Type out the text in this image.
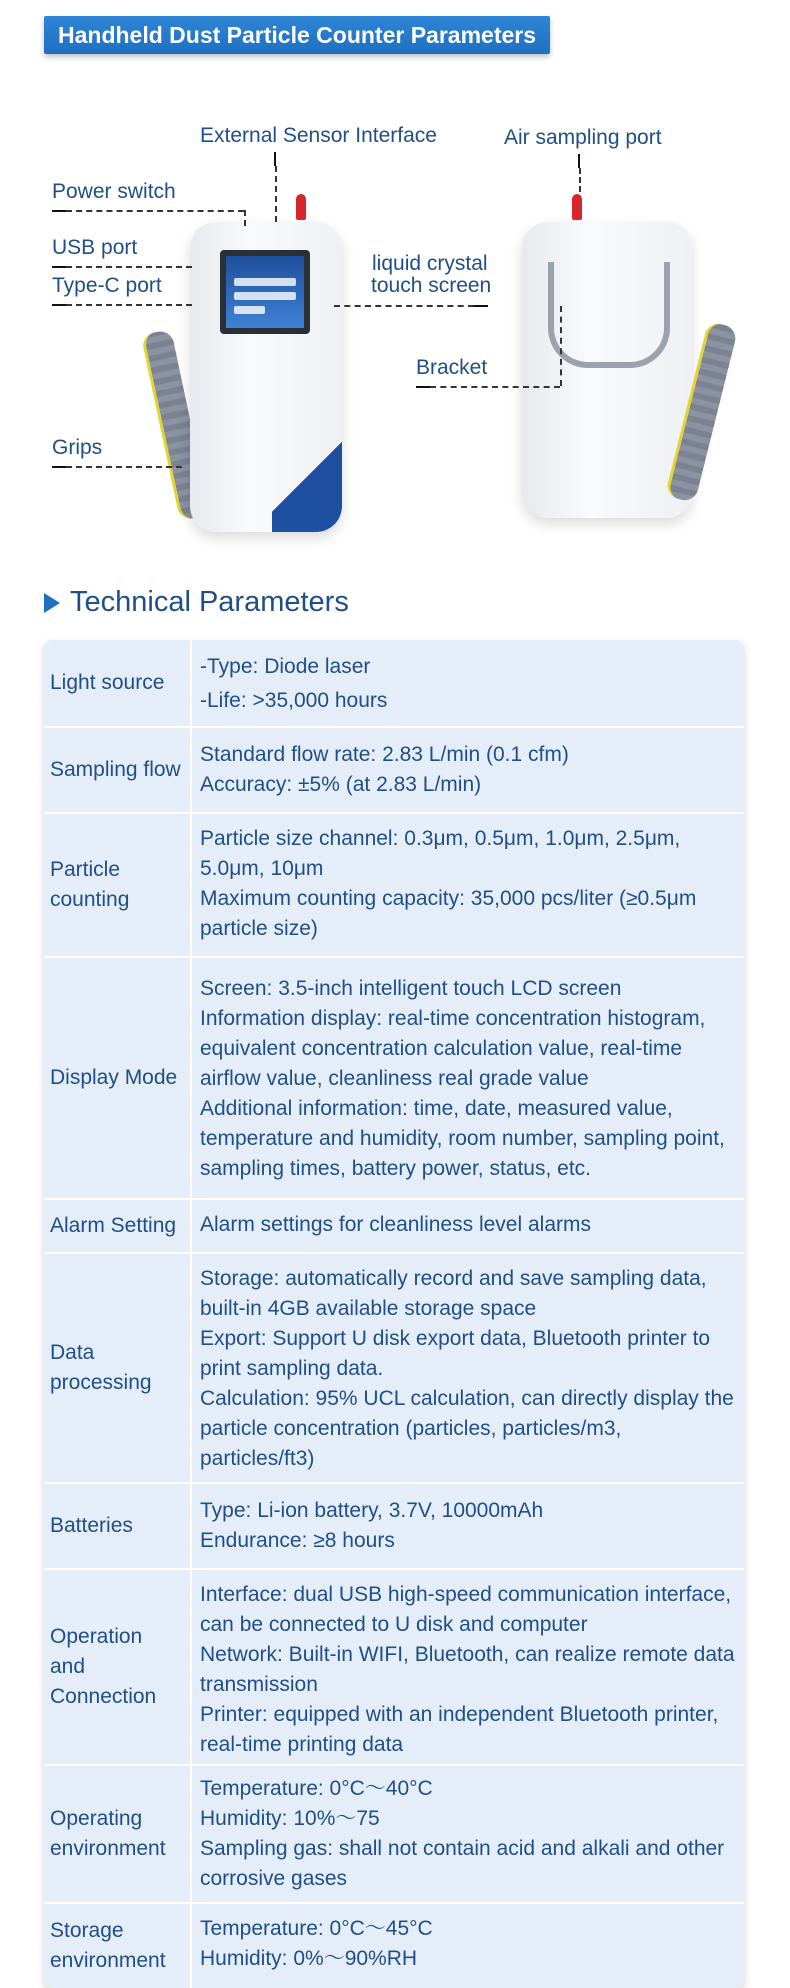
Handheld Dust Particle Counter Parameters
External Sensor Interface
Power switch
USB port
Type-C port
liquid crystal
touch screen
Grips
Air sampling port
Bracket
Technical Parameters
Light source
-Type: Diode laser
-Life: >35,000 hours
Sampling flow
Standard flow rate: 2.83 L/min (0.1 cfm)
Accuracy: ±5% (at 2.83 L/min)
Particle counting
Particle size channel: 0.3μm, 0.5μm, 1.0μm, 2.5μm, 5.0μm, 10μm
Maximum counting capacity: 35,000 pcs/liter (≥0.5μm particle size)
Display Mode
Screen: 3.5-inch intelligent touch LCD screen
Information display: real-time concentration histogram, equivalent concentration calculation value, real-time airflow value, cleanliness real grade value
Additional information: time, date, measured value, temperature and humidity, room number, sampling point, sampling times, battery power, status, etc.
Alarm Setting	Alarm settings for cleanliness level alarms
Data processing
Storage: automatically record and save sampling data, built-in 4GB available storage space
Export: Support U disk export data, Bluetooth printer to print sampling data.
Calculation: 95% UCL calculation, can directly display the particle concentration (particles, particles/m3, particles/ft3)
Batteries
Type: Li-ion battery, 3.7V, 10000mAh
Endurance: ≥8 hours
Operation and Connection
Interface: dual USB high-speed communication interface, can be connected to U disk and computer
Network: Built-in WIFI, Bluetooth, can realize remote data transmission
Printer: equipped with an independent Bluetooth printer, real-time printing data
Operating environment
Temperature: 0°C～40°C
Humidity: 10%～75
Sampling gas: shall not contain acid and alkali and other corrosive gases
Storage environment
Temperature: 0°C～45°C
Humidity: 0%～90%RH
